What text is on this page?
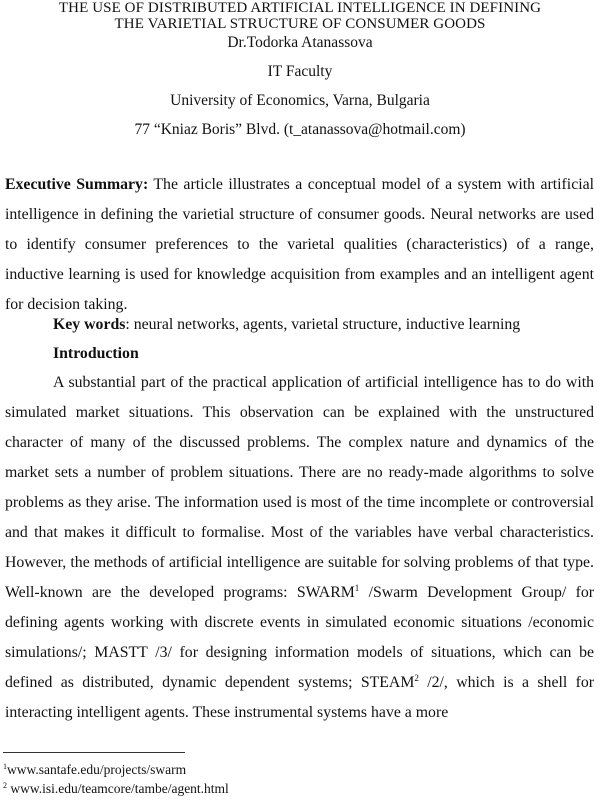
THE USE OF DISTRIBUTED ARTIFICIAL INTELLIGENCE IN DEFINING
THE VARIETIAL STRUCTURE OF CONSUMER GOODS
Dr.Todorka Atanassova
IT Faculty
University of Economics, Varna, Bulgaria
77 “Kniaz Boris” Blvd. (t_atanassova@hotmail.com)
Executive Summary: The article illustrates a conceptual model of a system with artificial intelligence in defining the varietial structure of consumer goods. Neural networks are used to identify consumer preferences to the varietal qualities (characteristics) of a range, inductive learning is used for knowledge acquisition from examples and an intelligent agent for decision taking.
Key words: neural networks, agents, varietal structure, inductive learning
Introduction
A substantial part of the practical application of artificial intelligence has to do with simulated market situations. This observation can be explained with the unstructured character of many of the discussed problems. The complex nature and dynamics of the market sets a number of problem situations. There are no ready-made algorithms to solve problems as they arise. The information used is most of the time incomplete or controversial and that makes it difficult to formalise. Most of the variables have verbal characteristics. However, the methods of artificial intelligence are suitable for solving problems of that type. Well-known are the developed programs: SWARM$^1$ /Swarm Development Group/ for defining agents working with discrete events in simulated economic situations /economic simulations/; MASTT /3/ for designing information models of situations, which can be defined as distributed, dynamic dependent systems; STEAM$^2$ /2/, which is a shell for interacting intelligent agents. These instrumental systems have a more
$^1$www.santafe.edu/projects/swarm
$^2$ www.isi.edu/teamcore/tambe/agent.html
